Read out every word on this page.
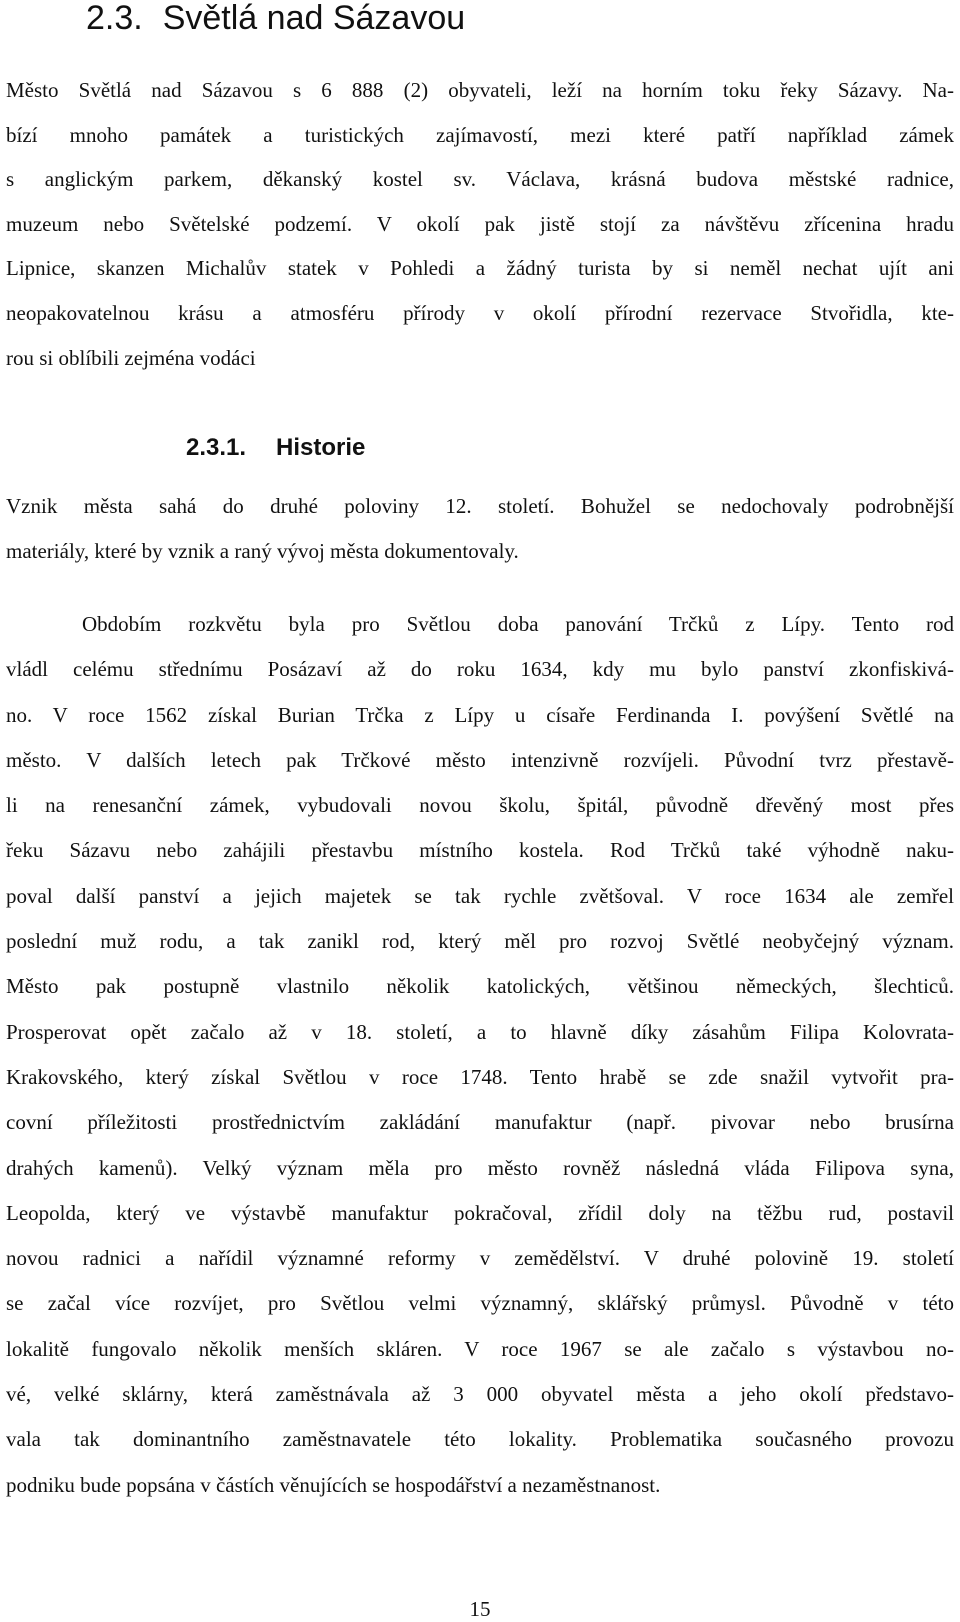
2.3. Světlá nad Sázavou
Město Světlá nad Sázavou s 6 888 (2) obyvateli, leží na horním toku řeky Sázavy. Na-
bízí mnoho památek a turistických zajímavostí, mezi které patří například zámek
s anglickým parkem, děkanský kostel sv. Václava, krásná budova městské radnice,
muzeum nebo Světelské podzemí. V okolí pak jistě stojí za návštěvu zřícenina hradu
Lipnice, skanzen Michalův statek v Pohledi a žádný turista by si neměl nechat ujít ani
neopakovatelnou krásu a atmosféru přírody v okolí přírodní rezervace Stvořidla, kte-
rou si oblíbili zejména vodáci
2.3.1. Historie
Vznik města sahá do druhé poloviny 12. století. Bohužel se nedochovaly podrobnější
materiály, které by vznik a raný vývoj města dokumentovaly.
Obdobím rozkvětu byla pro Světlou doba panování Trčků z Lípy. Tento rod
vládl celému střednímu Posázaví až do roku 1634, kdy mu bylo panství zkonfiskivá-
no. V roce 1562 získal Burian Trčka z Lípy u císaře Ferdinanda I. povýšení Světlé na
město. V dalších letech pak Trčkové město intenzivně rozvíjeli. Původní tvrz přestavě-
li na renesanční zámek, vybudovali novou školu, špitál, původně dřevěný most přes
řeku Sázavu nebo zahájili přestavbu místního kostela. Rod Trčků také výhodně naku-
poval další panství a jejich majetek se tak rychle zvětšoval. V roce 1634 ale zemřel
poslední muž rodu, a tak zanikl rod, který měl pro rozvoj Světlé neobyčejný význam.
Město pak postupně vlastnilo několik katolických, většinou německých, šlechticů.
Prosperovat opět začalo až v 18. století, a to hlavně díky zásahům Filipa Kolovrata-
Krakovského, který získal Světlou v roce 1748. Tento hrabě se zde snažil vytvořit pra-
covní příležitosti prostřednictvím zakládání manufaktur (např. pivovar nebo brusírna
drahých kamenů). Velký význam měla pro město rovněž následná vláda Filipova syna,
Leopolda, který ve výstavbě manufaktur pokračoval, zřídil doly na těžbu rud, postavil
novou radnici a nařídil významné reformy v zemědělství. V druhé polovině 19. století
se začal více rozvíjet, pro Světlou velmi významný, sklářský průmysl. Původně v této
lokalitě fungovalo několik menších skláren. V roce 1967 se ale začalo s výstavbou no-
vé, velké sklárny, která zaměstnávala až 3 000 obyvatel města a jeho okolí představo-
vala tak dominantního zaměstnavatele této lokality. Problematika současného provozu
podniku bude popsána v částích věnujících se hospodářství a nezaměstnanost.
15
